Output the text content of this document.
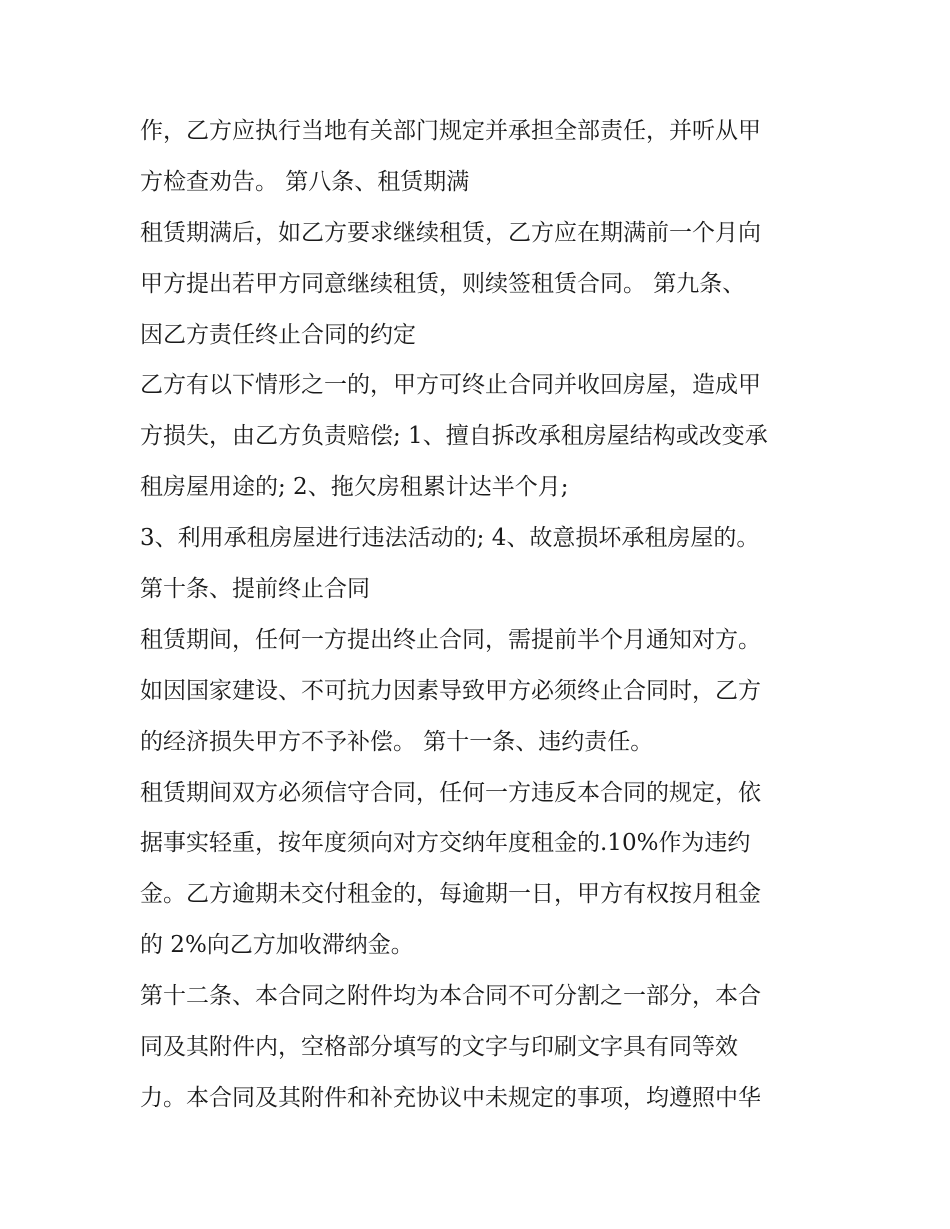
作，乙方应执行当地有关部门规定并承担全部责任，并听从甲

方检查劝告。 第八条、租赁期满

租赁期满后，如乙方要求继续租赁，乙方应在期满前一个月向

甲方提出若甲方同意继续租赁，则续签租赁合同。 第九条、

因乙方责任终止合同的约定

乙方有以下情形之一的，甲方可终止合同并收回房屋，造成甲

方损失，由乙方负责赔偿; 1、擅自拆改承租房屋结构或改变承

租房屋用途的; 2、拖欠房租累计达半个月;

3、利用承租房屋进行违法活动的; 4、故意损坏承租房屋的。

第十条、提前终止合同

租赁期间，任何一方提出终止合同，需提前半个月通知对方。

如因国家建设、不可抗力因素导致甲方必须终止合同时，乙方

的经济损失甲方不予补偿。 第十一条、违约责任。

租赁期间双方必须信守合同，任何一方违反本合同的规定，依

据事实轻重，按年度须向对方交纳年度租金的.10%作为违约

金。乙方逾期未交付租金的，每逾期一日，甲方有权按月租金

的 2%向乙方加收滞纳金。

第十二条、本合同之附件均为本合同不可分割之一部分，本合

同及其附件内，空格部分填写的文字与印刷文字具有同等效

力。本合同及其附件和补充协议中未规定的事项，均遵照中华
